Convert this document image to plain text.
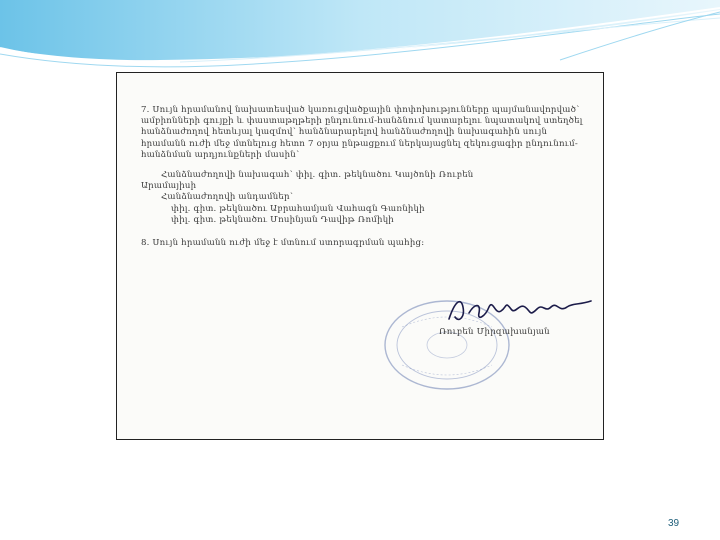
7. Սույն հրամանով նախատեսված կառուցվածքային փոփոխությունները պայմանավորված՝ ամբիոնների գույքի և փաստաթղթերի ընդունում-հանձնում կատարելու նպատակով ստեղծել հանձնաժողով հետևյալ կազմով՝ հանձնարարելով հանձնաժողովի նախագահին սույն հրամանն ուժի մեջ մտնելուց հետո 7 օրյա ընթացքում ներկայացնել զեկուցագիր ընդունում-հանձնման արդյունքների մասին՝

Հանձնաժողովի նախագահ՝ փիլ. գիտ. թեկնածու Կայծոնի Ռուբեն

Արամայիսի

Հանձնաժողովի անդամներ՝

փիլ. գիտ. թեկնածու Աբրահամյան Վահագն Գառնիկի

փիլ. գիտ. թեկնածու Մոսինյան Դավիթ Ռոմիկի

8. Սույն հրամանն ուժի մեջ է մտնում ստորագրման պահից:

Ռուբեն Միրզախանյան
39
